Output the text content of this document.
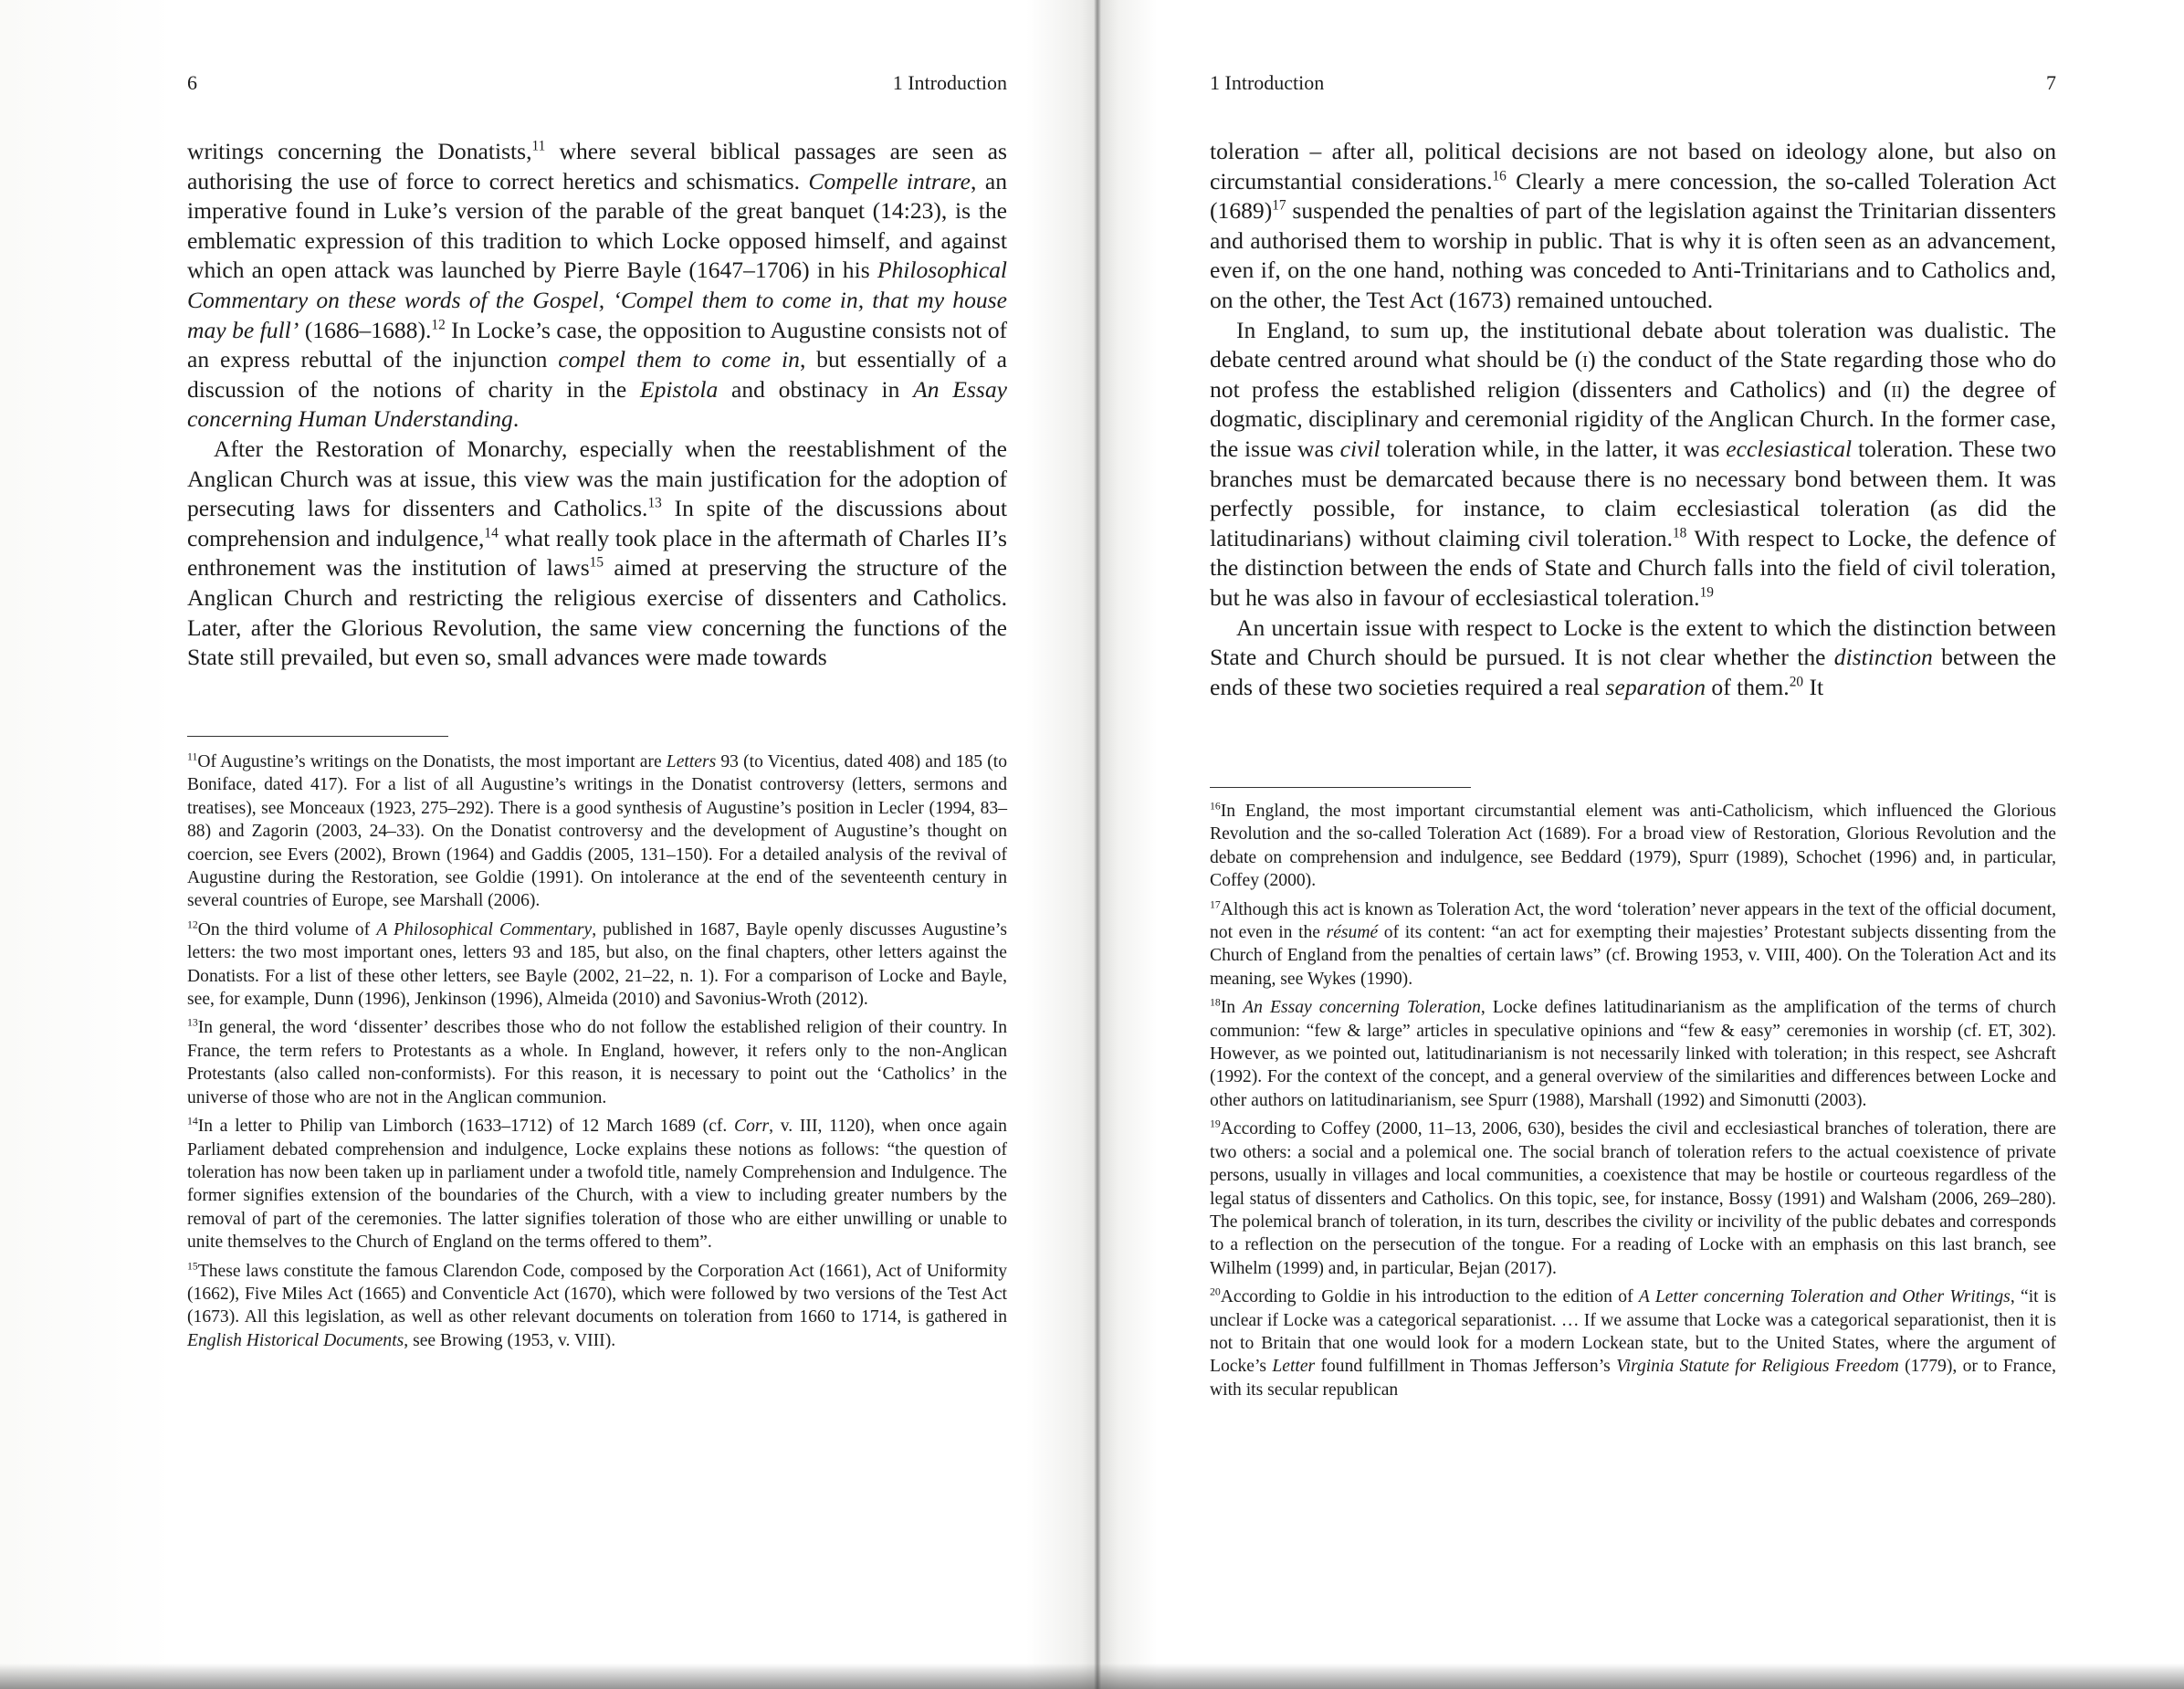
6	1 Introduction

writings concerning the Donatists,$^{11}$ where several biblical passages are seen as authorising the use of force to correct heretics and schismatics. Compelle intrare, an imperative found in Luke’s version of the parable of the great banquet (14:23), is the emblematic expression of this tradition to which Locke opposed himself, and against which an open attack was launched by Pierre Bayle (1647–1706) in his Philosophical Commentary on these words of the Gospel, ‘Compel them to come in, that my house may be full’ (1686–1688).$^{12}$ In Locke’s case, the opposition to Augustine consists not of an express rebuttal of the injunction compel them to come in, but essentially of a discussion of the notions of charity in the Epistola and obstinacy in An Essay concerning Human Understanding.

After the Restoration of Monarchy, especially when the reestablishment of the Anglican Church was at issue, this view was the main justification for the adoption of persecuting laws for dissenters and Catholics.$^{13}$ In spite of the discussions about comprehension and indulgence,$^{14}$ what really took place in the aftermath of Charles II’s enthronement was the institution of laws$^{15}$ aimed at preserving the structure of the Anglican Church and restricting the religious exercise of dissenters and Catholics. Later, after the Glorious Revolution, the same view concerning the functions of the State still prevailed, but even so, small advances were made towards

$^{11}$Of Augustine’s writings on the Donatists, the most important are Letters 93 (to Vicentius, dated 408) and 185 (to Boniface, dated 417). For a list of all Augustine’s writings in the Donatist controversy (letters, sermons and treatises), see Monceaux (1923, 275–292). There is a good synthesis of Augustine’s position in Lecler (1994, 83–88) and Zagorin (2003, 24–33). On the Donatist controversy and the development of Augustine’s thought on coercion, see Evers (2002), Brown (1964) and Gaddis (2005, 131–150). For a detailed analysis of the revival of Augustine during the Restoration, see Goldie (1991). On intolerance at the end of the seventeenth century in several countries of Europe, see Marshall (2006).

$^{12}$On the third volume of A Philosophical Commentary, published in 1687, Bayle openly discusses Augustine’s letters: the two most important ones, letters 93 and 185, but also, on the final chapters, other letters against the Donatists. For a list of these other letters, see Bayle (2002, 21–22, n. 1). For a comparison of Locke and Bayle, see, for example, Dunn (1996), Jenkinson (1996), Almeida (2010) and Savonius-Wroth (2012).

$^{13}$In general, the word ‘dissenter’ describes those who do not follow the established religion of their country. In France, the term refers to Protestants as a whole. In England, however, it refers only to the non-Anglican Protestants (also called non-conformists). For this reason, it is necessary to point out the ‘Catholics’ in the universe of those who are not in the Anglican communion.

$^{14}$In a letter to Philip van Limborch (1633–1712) of 12 March 1689 (cf. Corr, v. III, 1120), when once again Parliament debated comprehension and indulgence, Locke explains these notions as follows: “the question of toleration has now been taken up in parliament under a twofold title, namely Comprehension and Indulgence. The former signifies extension of the boundaries of the Church, with a view to including greater numbers by the removal of part of the ceremonies. The latter signifies toleration of those who are either unwilling or unable to unite themselves to the Church of England on the terms offered to them”.

$^{15}$These laws constitute the famous Clarendon Code, composed by the Corporation Act (1661), Act of Uniformity (1662), Five Miles Act (1665) and Conventicle Act (1670), which were followed by two versions of the Test Act (1673). All this legislation, as well as other relevant documents on toleration from 1660 to 1714, is gathered in English Historical Documents, see Browing (1953, v. VIII).

1 Introduction	7

toleration – after all, political decisions are not based on ideology alone, but also on circumstantial considerations.$^{16}$ Clearly a mere concession, the so-called Toleration Act $(1689)^{17}$ suspended the penalties of part of the legislation against the Trinitarian dissenters and authorised them to worship in public. That is why it is often seen as an advancement, even if, on the one hand, nothing was conceded to Anti-Trinitarians and to Catholics and, on the other, the Test Act (1673) remained untouched.

In England, to sum up, the institutional debate about toleration was dualistic. The debate centred around what should be (i) the conduct of the State regarding those who do not profess the established religion (dissenters and Catholics) and (ii) the degree of dogmatic, disciplinary and ceremonial rigidity of the Anglican Church. In the former case, the issue was civil toleration while, in the latter, it was ecclesiastical toleration. These two branches must be demarcated because there is no necessary bond between them. It was perfectly possible, for instance, to claim ecclesiastical toleration (as did the latitudinarians) without claiming civil toleration.$^{18}$ With respect to Locke, the defence of the distinction between the ends of State and Church falls into the field of civil toleration, but he was also in favour of ecclesiastical toleration.$^{19}$

An uncertain issue with respect to Locke is the extent to which the distinction between State and Church should be pursued. It is not clear whether the distinction between the ends of these two societies required a real separation of them.$^{20}$ It

$^{16}$In England, the most important circumstantial element was anti-Catholicism, which influenced the Glorious Revolution and the so-called Toleration Act (1689). For a broad view of Restoration, Glorious Revolution and the debate on comprehension and indulgence, see Beddard (1979), Spurr (1989), Schochet (1996) and, in particular, Coffey (2000).

$^{17}$Although this act is known as Toleration Act, the word ‘toleration’ never appears in the text of the official document, not even in the résumé of its content: “an act for exempting their majesties’ Protestant subjects dissenting from the Church of England from the penalties of certain laws” (cf. Browing 1953, v. VIII, 400). On the Toleration Act and its meaning, see Wykes (1990).

$^{18}$In An Essay concerning Toleration, Locke defines latitudinarianism as the amplification of the terms of church communion: “few & large” articles in speculative opinions and “few & easy” ceremonies in worship (cf. ET, 302). However, as we pointed out, latitudinarianism is not necessarily linked with toleration; in this respect, see Ashcraft (1992). For the context of the concept, and a general overview of the similarities and differences between Locke and other authors on latitudinarianism, see Spurr (1988), Marshall (1992) and Simonutti (2003).

$^{19}$According to Coffey (2000, 11–13, 2006, 630), besides the civil and ecclesiastical branches of toleration, there are two others: a social and a polemical one. The social branch of toleration refers to the actual coexistence of private persons, usually in villages and local communities, a coexistence that may be hostile or courteous regardless of the legal status of dissenters and Catholics. On this topic, see, for instance, Bossy (1991) and Walsham (2006, 269–280). The polemical branch of toleration, in its turn, describes the civility or incivility of the public debates and corresponds to a reflection on the persecution of the tongue. For a reading of Locke with an emphasis on this last branch, see Wilhelm (1999) and, in particular, Bejan (2017).

$^{20}$According to Goldie in his introduction to the edition of A Letter concerning Toleration and Other Writings, “it is unclear if Locke was a categorical separationist. … If we assume that Locke was a categorical separationist, then it is not to Britain that one would look for a modern Lockean state, but to the United States, where the argument of Locke’s Letter found fulfillment in Thomas Jefferson’s Virginia Statute for Religious Freedom (1779), or to France, with its secular republican
